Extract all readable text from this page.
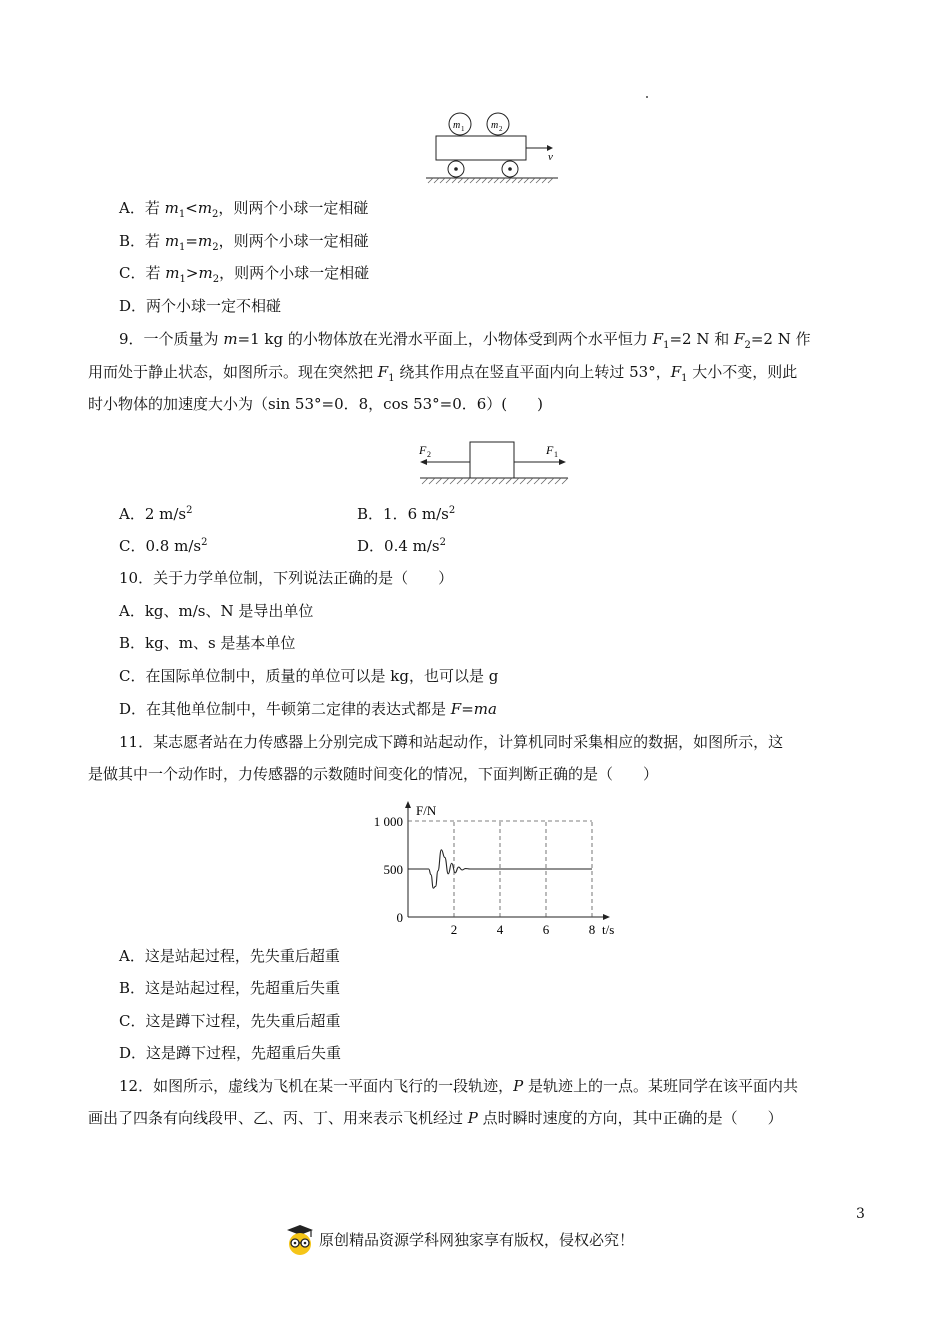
m 1	m 2
v
A．若 $m_1<m_2$，则两个小球一定相碰
B．若 $m_1=m_2$，则两个小球一定相碰
C．若 $m_1>m_2$，则两个小球一定相碰
D．两个小球一定不相碰
9．一个质量为 m=1 kg 的小物体放在光滑水平面上，小物体受到两个水平恒力 $F_1=2$ N 和 $F_2=2$ N 作
用而处于静止状态，如图所示。现在突然把 $F_1$ 绕其作用点在竖直平面内向上转过 53°，$F_1$ 大小不变，则此
时小物体的加速度大小为（sin 53°=0．8，cos 53°=0．6）(　　)
F 2	F 1
A．2 $m/s^2$	B．1．6 $m/s^2$
C．0.8 $m/s^2$	D．0.4 $m/s^2$
10．关于力学单位制，下列说法正确的是（　　）
A．kg、m/s、N 是导出单位
B．kg、m、s 是基本单位
C．在国际单位制中，质量的单位可以是 kg，也可以是 g
D．在其他单位制中，牛顿第二定律的表达式都是 F=ma
11．某志愿者站在力传感器上分别完成下蹲和站起动作，计算机同时采集相应的数据，如图所示，这
是做其中一个动作时，力传感器的示数随时间变化的情况，下面判断正确的是（　　）
1 000
500
0
2	4	6	8
F/N
t/s
A．这是站起过程，先失重后超重
B．这是站起过程，先超重后失重
C．这是蹲下过程，先失重后超重
D．这是蹲下过程，先超重后失重
12．如图所示，虚线为飞机在某一平面内飞行的一段轨迹，P 是轨迹上的一点。某班同学在该平面内共
画出了四条有向线段甲、乙、丙、丁、用来表示飞机经过 P 点时瞬时速度的方向，其中正确的是（　　）
3
原创精品资源学科网独家享有版权，侵权必究！
